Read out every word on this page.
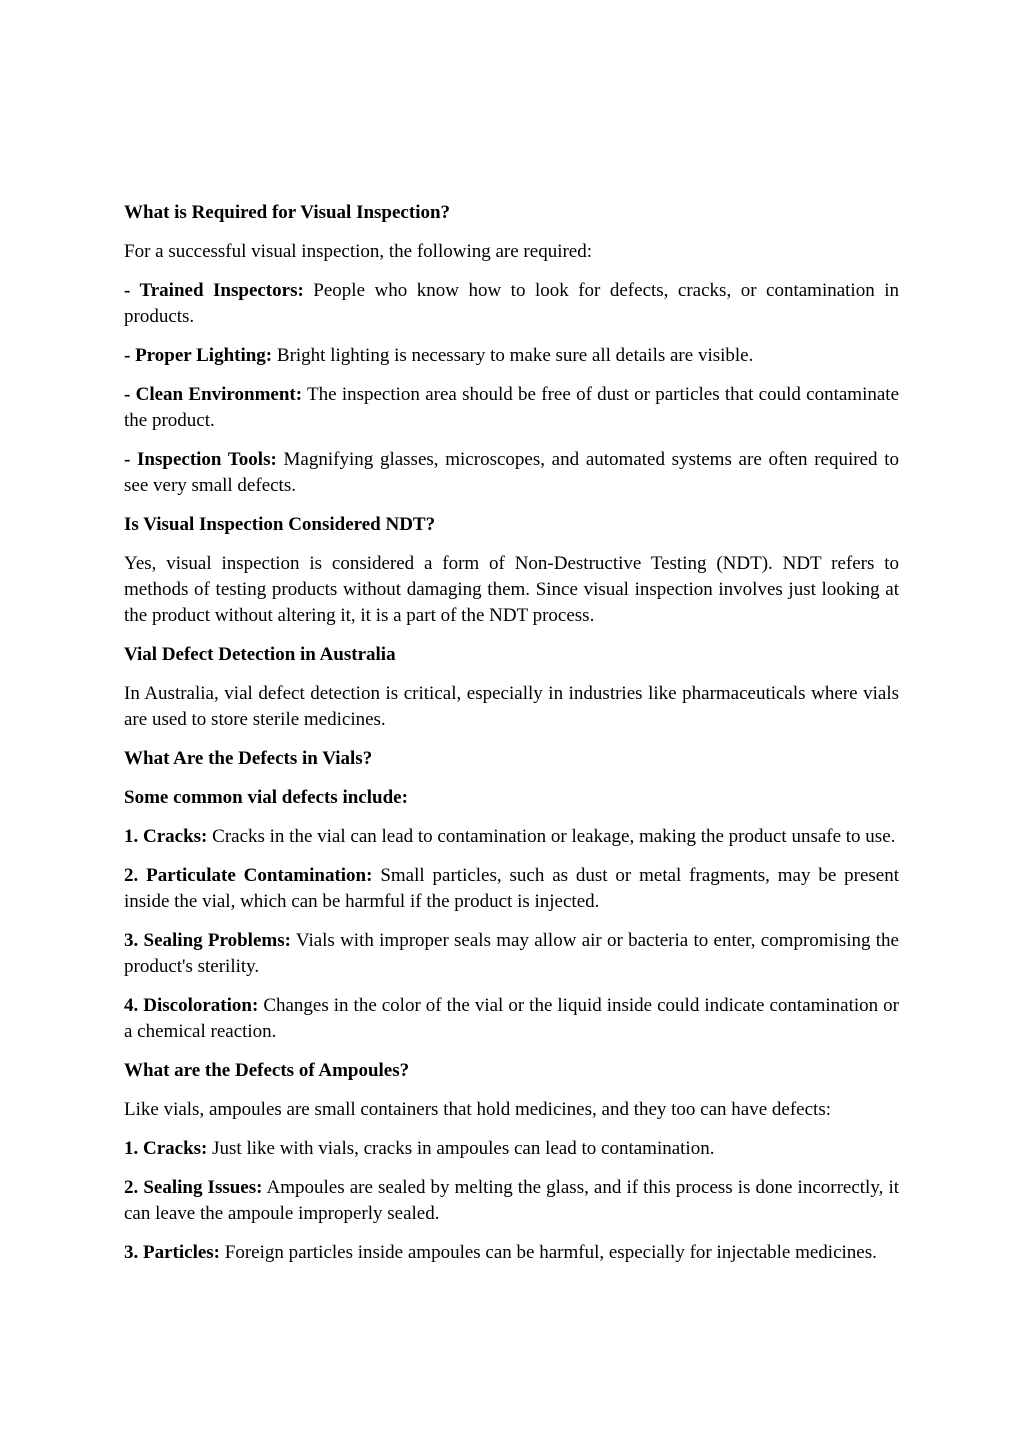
What is Required for Visual Inspection?

For a successful visual inspection, the following are required:

- Trained Inspectors: People who know how to look for defects, cracks, or contamination in products.

- Proper Lighting: Bright lighting is necessary to make sure all details are visible.

- Clean Environment: The inspection area should be free of dust or particles that could contaminate the product.

- Inspection Tools: Magnifying glasses, microscopes, and automated systems are often required to see very small defects.

Is Visual Inspection Considered NDT?

Yes, visual inspection is considered a form of Non-Destructive Testing (NDT). NDT refers to methods of testing products without damaging them. Since visual inspection involves just looking at the product without altering it, it is a part of the NDT process.

Vial Defect Detection in Australia

In Australia, vial defect detection is critical, especially in industries like pharmaceuticals where vials are used to store sterile medicines.

What Are the Defects in Vials?

Some common vial defects include:

1. Cracks: Cracks in the vial can lead to contamination or leakage, making the product unsafe to use.

2. Particulate Contamination: Small particles, such as dust or metal fragments, may be present inside the vial, which can be harmful if the product is injected.

3. Sealing Problems: Vials with improper seals may allow air or bacteria to enter, compromising the product's sterility.

4. Discoloration: Changes in the color of the vial or the liquid inside could indicate contamination or a chemical reaction.

What are the Defects of Ampoules?

Like vials, ampoules are small containers that hold medicines, and they too can have defects:

1. Cracks: Just like with vials, cracks in ampoules can lead to contamination.

2. Sealing Issues: Ampoules are sealed by melting the glass, and if this process is done incorrectly, it can leave the ampoule improperly sealed.

3. Particles: Foreign particles inside ampoules can be harmful, especially for injectable medicines.
